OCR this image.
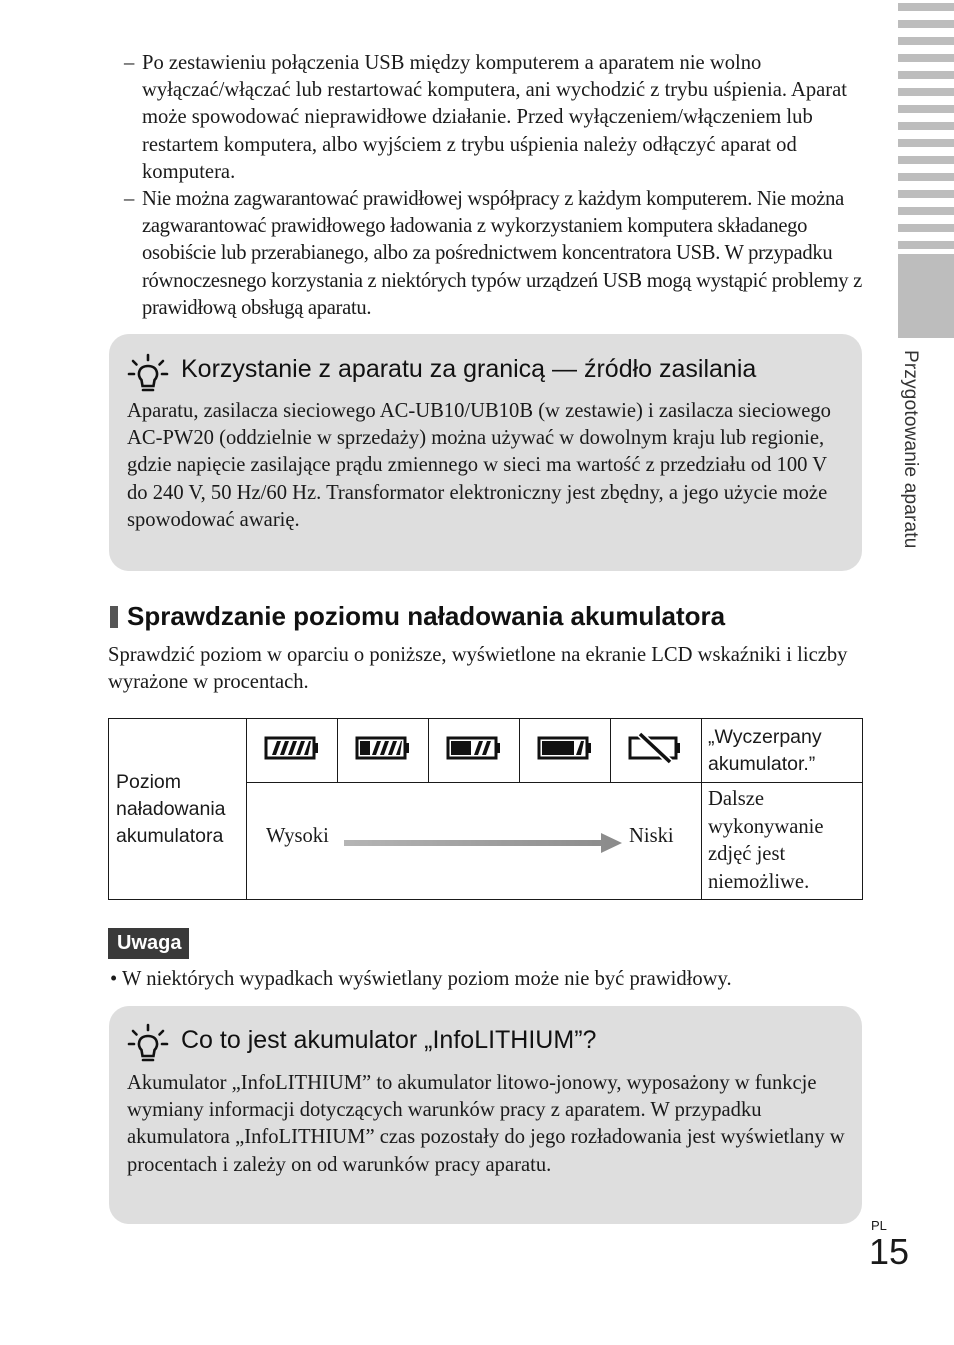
Przygotowanie aparatu
– Po zestawieniu połączenia USB między komputerem a aparatem nie wolno wyłączać/włączać lub restartować komputera, ani wychodzić z trybu uśpienia. Aparat może spowodować nieprawidłowe działanie. Przed wyłączeniem/włączeniem lub restartem komputera, albo wyjściem z trybu uśpienia należy odłączyć aparat od komputera.
– Nie można zagwarantować prawidłowej współpracy z każdym komputerem. Nie można zagwarantować prawidłowego ładowania z wykorzystaniem komputera składanego osobiście lub przerabianego, albo za pośrednictwem koncentratora USB. W przypadku równoczesnego korzystania z niektórych typów urządzeń USB mogą wystąpić problemy z prawidłową obsługą aparatu.
Korzystanie z aparatu za granicą — źródło zasilania
Aparatu, zasilacza sieciowego AC-UB10/UB10B (w zestawie) i zasilacza sieciowego AC-PW20 (oddzielnie w sprzedaży) można używać w dowolnym kraju lub regionie, gdzie napięcie zasilające prądu zmiennego w sieci ma wartość z przedziału od 100 V do 240 V, 50 Hz/60 Hz. Transformator elektroniczny jest zbędny, a jego użycie może spowodować awarię.
Sprawdzanie poziomu naładowania akumulatora

Sprawdzić poziom w oparciu o poniższe, wyświetlone na ekranie LCD wskaźniki i liczby wyrażone w procentach.

Poziom naładowania akumulatora						„Wyczerpany akumulator.”

	Wysoki Niski					Dalsze wykonywanie zdjęć jest niemożliwe.
Uwaga
• W niektórych wypadkach wyświetlany poziom może nie być prawidłowy.
Co to jest akumulator „InfoLITHIUM”?
Akumulator „InfoLITHIUM” to akumulator litowo-jonowy, wyposażony w funkcje wymiany informacji dotyczących warunków pracy z aparatem. W przypadku akumulatora „InfoLITHIUM” czas pozostały do jego rozładowania jest wyświetlany w procentach i zależy on od warunków pracy aparatu.
PL
15
